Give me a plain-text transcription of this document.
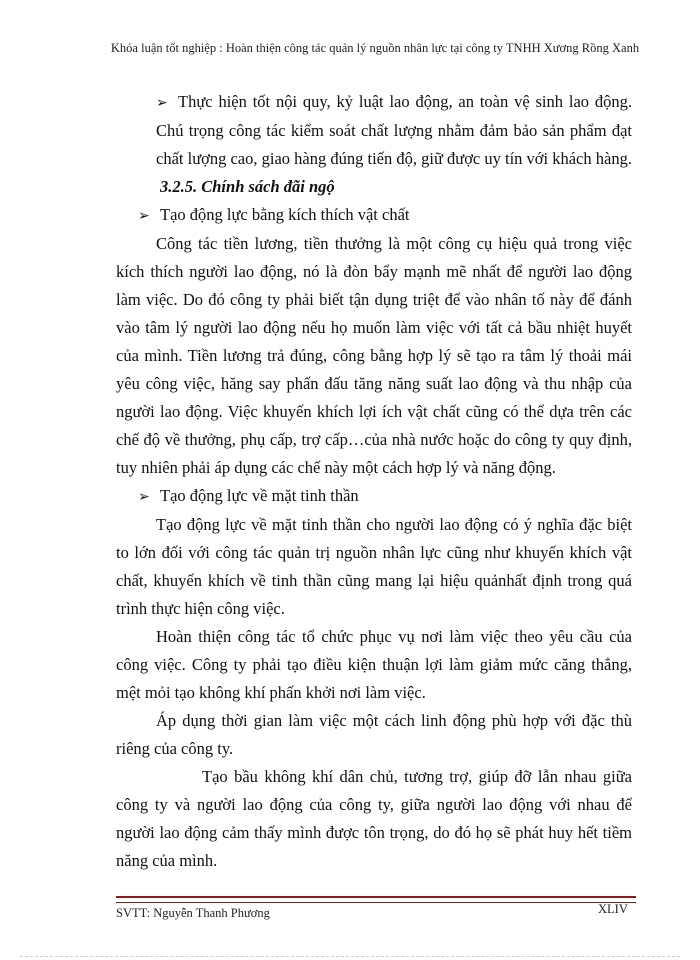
Khóa luận tốt nghiệp : Hoàn thiện công tác quản lý nguồn nhân lực tại công ty TNHH Xương Rồng Xanh

➢ Thực hiện tốt nội quy, kỷ luật lao động, an toàn vệ sinh lao động. Chú trọng công tác kiểm soát chất lượng nhằm đảm bảo sản phẩm đạt chất lượng cao, giao hàng đúng tiến độ, giữ được uy tín với khách hàng.

3.2.5. Chính sách đãi ngộ

➢ Tạo động lực bằng kích thích vật chất

Công tác tiền lương, tiền thưởng là một công cụ hiệu quả trong việc kích thích người lao động, nó là đòn bẩy mạnh mẽ nhất để người lao động làm việc. Do đó công ty phải biết tận dụng triệt để vào nhân tố này để đánh vào tâm lý người lao động nếu họ muốn làm việc với tất cả bầu nhiệt huyết của mình. Tiền lương trả đúng, công bằng hợp lý sẽ tạo ra tâm lý thoải mái yêu công việc, hăng say phấn đấu tăng năng suất lao động và thu nhập của người lao động. Việc khuyến khích lợi ích vật chất cũng có thể dựa trên các chế độ về thưởng, phụ cấp, trợ cấp…của nhà nước hoặc do công ty quy định, tuy nhiên phải áp dụng các chế này một cách hợp lý và năng động.

➢ Tạo động lực về mặt tinh thần

Tạo động lực về mặt tinh thần cho người lao động có ý nghĩa đặc biệt to lớn đối với công tác quản trị nguồn nhân lực cũng như khuyến khích vật chất, khuyến khích về tinh thần cũng mang lại hiệu quảnhất định trong quá trình thực hiện công việc.

Hoàn thiện công tác tổ chức phục vụ nơi làm việc theo yêu cầu của công việc. Công ty phải tạo điều kiện thuận lợi làm giảm mức căng thẳng, mệt mỏi tạo không khí phấn khởi nơi làm việc.

Áp dụng thời gian làm việc một cách linh động phù hợp với đặc thù riêng của công ty.

Tạo bầu không khí dân chủ, tương trợ, giúp đỡ lẫn nhau giữa công ty và người lao động của công ty, giữa người lao động với nhau để người lao động cảm thấy mình được tôn trọng, do đó họ sẽ phát huy hết tiềm năng của mình.

SVTT: Nguyễn Thanh Phương	XLIV
